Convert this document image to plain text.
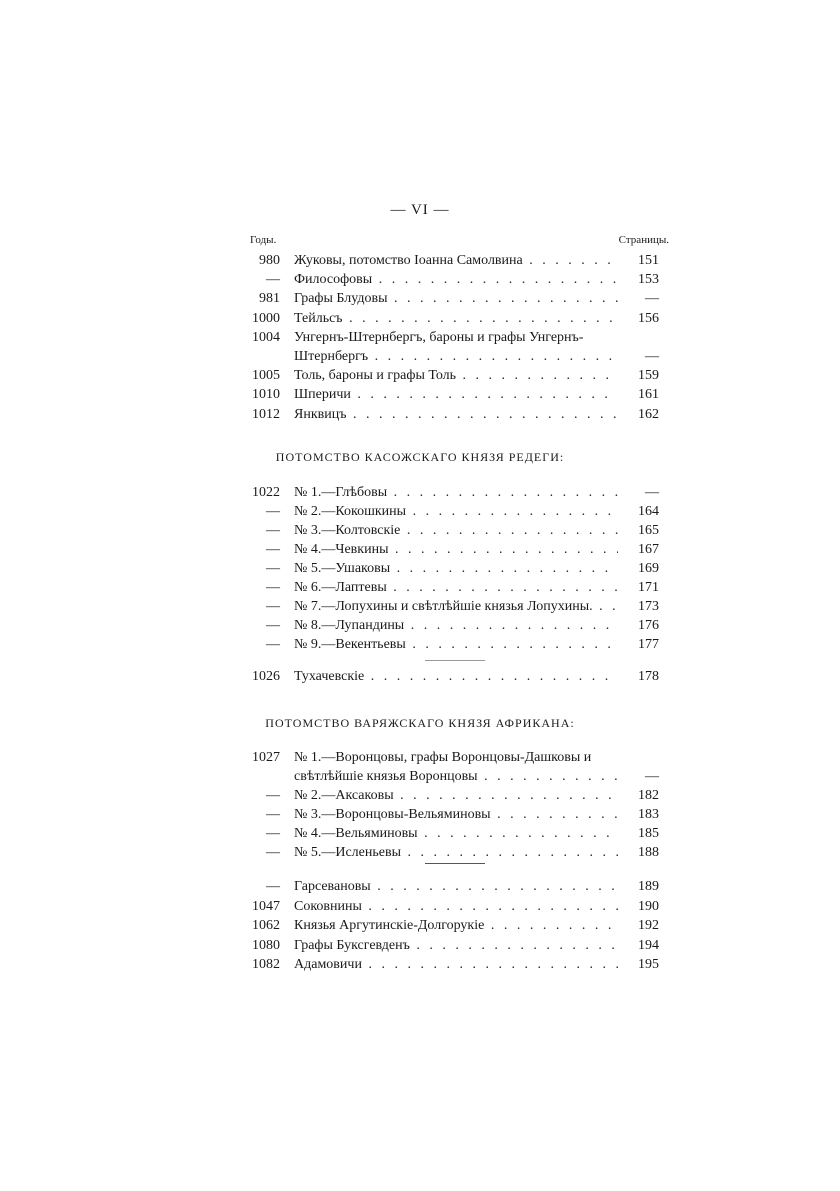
— VI —
Годы.	Страницы.
980 Жуковы, потомство Іоанна Самолвина . . .	151
— Философовы . . .	153
981 Графы Блудовы . . .	—
1000 Тейльсъ . . .	156
1004 Унгернъ-Штернбергъ, бароны и графы Унгернъ-
Штернбергъ . . .	—
1005 Толь, бароны и графы Толь . . .	159
1010 Шперичи . . .	161
1012 Янквицъ . . .	162
1022 № 1.—Глѣбовы . . .	—
— № 2.—Кокошкины . . .	164
— № 3.—Колтовскіе . . .	165
— № 4.—Чевкины . . .	167
— № 5.—Ушаковы . . .	169
— № 6.—Лаптевы . . .	171
— № 7.—Лопухины и свѣтлѣйшіе князья Лопухины. . . .	173
— № 8.—Лупандины . . .	176
— № 9.—Векентьевы . . .	177
1026 Тухачевскіе . . .	178
1027 № 1.—Воронцовы, графы Воронцовы-Дашковы и
свѣтлѣйшіе князья Воронцовы . . .	—
— № 2.—Аксаковы . . .	182
— № 3.—Воронцовы-Вельяминовы . . .	183
— № 4.—Вельяминовы . . .	185
— № 5.—Исленьевы . . .	188
— Гарсевановы . . .	189
1047 Соковнины . . .	190
1062 Князья Аргутинскіе-Долгорукіе . . .	192
1080 Графы Буксгевденъ . . .	194
1082 Адамовичи . . .	195
ПОТОМСТВО КАСОЖСКАГО КНЯЗЯ РЕДЕГИ:
ПОТОМСТВО ВАРЯЖСКАГО КНЯЗЯ АФРИКАНА:
